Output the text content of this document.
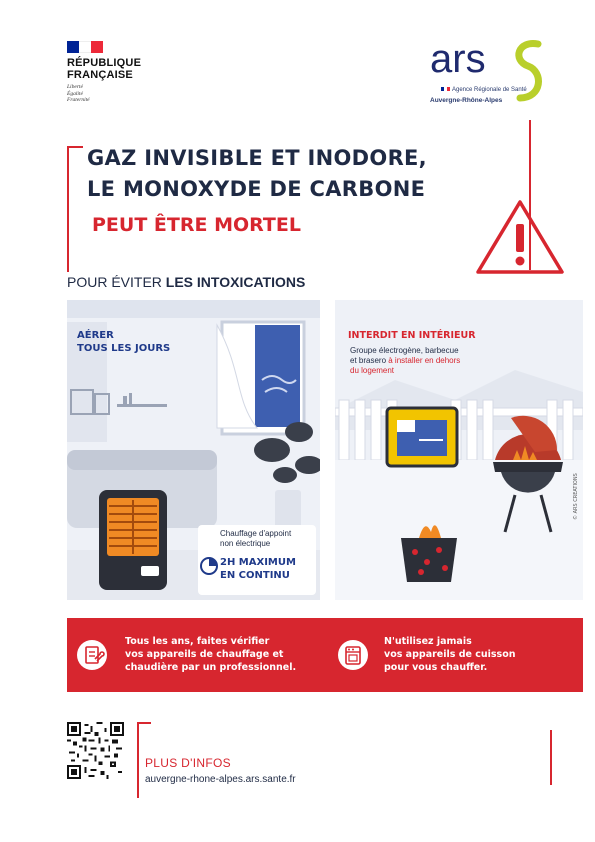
RÉPUBLIQUE
FRANÇAISE
Liberté
Égalité
Fraternité
ars
Agence Régionale de Santé
Auvergne-Rhône-Alpes
GAZ INVISIBLE ET INODORE,
LE MONOXYDE DE CARBONE
PEUT ÊTRE MORTEL
POUR ÉVITER LES INTOXICATIONS
AÉRER
TOUS LES JOURS
Chauffage d'appoint
non électrique
2H MAXIMUM
EN CONTINU
INTERDIT EN INTÉRIEUR
Groupe électrogène, barbecue
et brasero à installer en dehors
du logement
© ARS CREATIONS
Tous les ans, faites vérifier
vos appareils de chauffage et
chaudière par un professionnel.
N'utilisez jamais
vos appareils de cuisson
pour vous chauffer.
PLUS D'INFOS
auvergne-rhone-alpes.ars.sante.fr
